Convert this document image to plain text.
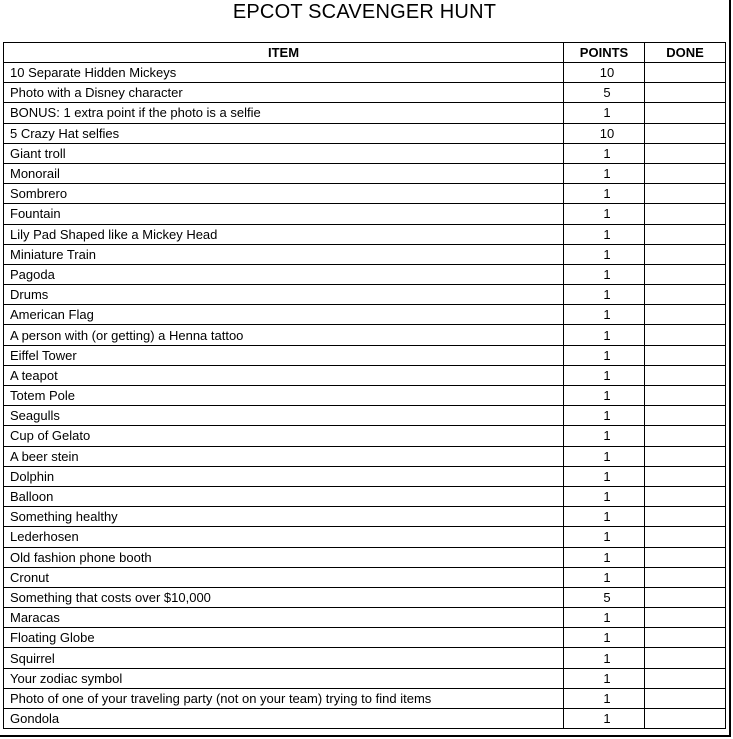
EPCOT SCAVENGER HUNT
ITEM	POINTS	DONE
10 Separate Hidden Mickeys	10	
Photo with a Disney character	5	
BONUS: 1 extra point if the photo is a selfie	1	
5 Crazy Hat selfies	10	
Giant troll	1	
Monorail	1	
Sombrero	1	
Fountain	1	
Lily Pad Shaped like a Mickey Head	1	
Miniature Train	1	
Pagoda	1	
Drums	1	
American Flag	1	
A person with (or getting) a Henna tattoo	1	
Eiffel Tower	1	
A teapot	1	
Totem Pole	1	
Seagulls	1	
Cup of Gelato	1	
A beer stein	1	
Dolphin	1	
Balloon	1	
Something healthy	1	
Lederhosen	1	
Old fashion phone booth	1	
Cronut	1	
Something that costs over $10,000	5	
Maracas	1	
Floating Globe	1	
Squirrel	1	
Your zodiac symbol	1	
Photo of one of your traveling party (not on your team) trying to find items	1	
Gondola	1	
